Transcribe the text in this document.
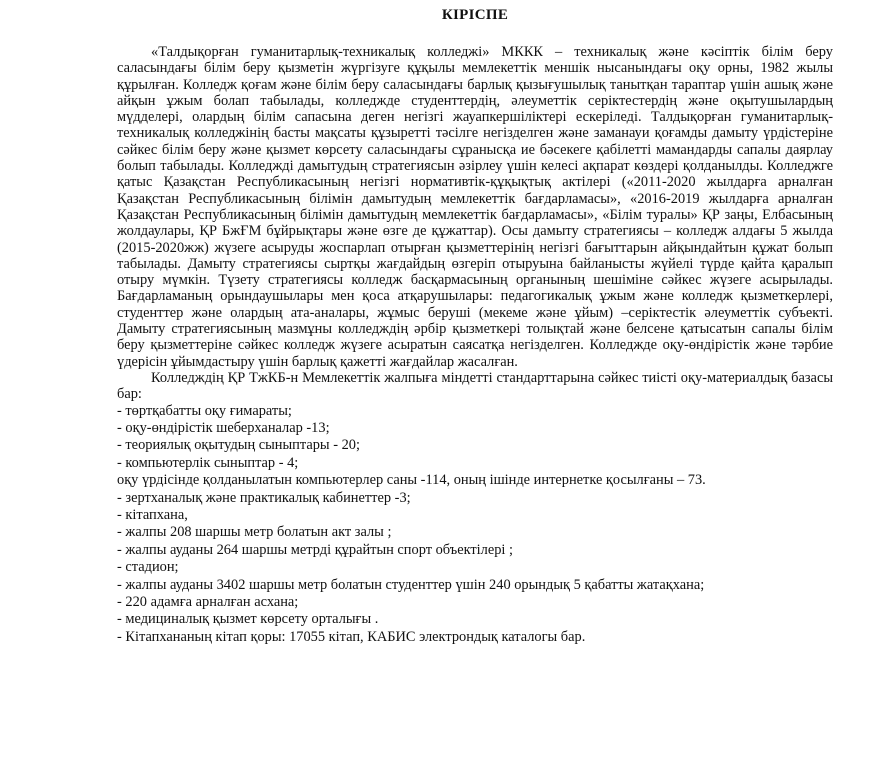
КІРІСПЕ

«Талдықорған гуманитарлық-техникалық колледжі» МККК – техникалық және кәсіптік білім беру саласындағы білім беру қызметін жүргізуге құқылы мемлекеттік меншік нысанындағы оқу орны, 1982 жылы құрылған. Колледж қоғам және білім беру саласындағы барлық қызығушылық танытқан тараптар үшін ашық және айқын ұжым болап табылады, колледжде студенттердің, әлеуметтік серіктестердің және оқытушылардың мүдделері, олардың білім сапасына деген негізгі жауапкершіліктері ескеріледі. Талдықорған гуманитарлық-техникалық колледжінің басты мақсаты құзыретті тәсілге негізделген және заманауи қоғамды дамыту үрдістеріне сәйкес білім беру және қызмет көрсету саласындағы сұранысқа ие бәсекеге қабілетті мамандарды сапалы даярлау болып табылады. Колледжді дамытудың стратегиясын әзірлеу үшін келесі ақпарат көздері қолданылды. Колледжге қатыс Қазақстан Республикасының негізгі нормативтік-құқықтық актілері («2011-2020 жылдарға арналған Қазақстан Республикасының білімін дамытудың мемлекеттік бағдарламасы», «2016-2019 жылдарға арналған Қазақстан Республикасының білімін дамытудың мемлекеттік бағдарламасы», «Білім туралы» ҚР заңы, Елбасының жолдаулары, ҚР БжҒМ бұйрықтары және өзге де құжаттар). Осы дамыту стратегиясы – колледж алдағы 5 жылда (2015-2020жж) жүзеге асыруды жоспарлап отырған қызметтерінің негізгі бағыттарын айқындайтын құжат болып табылады. Дамыту стратегиясы сыртқы жағдайдың өзгеріп отыруына байланысты жүйелі түрде қайта қаралып отыру мүмкін. Түзету стратегиясы колледж басқармасының органының шешіміне сәйкес жүзеге асырылады. Бағдарламаның орындаушылары мен қоса атқарушылары: педагогикалық ұжым және колледж қызметкерлері, студенттер және олардың ата-аналары, жұмыс беруші (мекеме және ұйым) –серіктестік әлеуметтік субъекті. Дамыту стратегиясының мазмұны колледждің әрбір қызметкері толықтай және белсене қатысатын сапалы білім беру қызметтеріне сәйкес колледж жүзеге асыратын саясатқа негізделген. Колледжде оқу-өндірістік және тәрбие үдерісін ұйымдастыру үшін барлық қажетті жағдайлар жасалған.

Колледждің ҚР ТжКБ-н Мемлекеттік жалпыға міндетті стандарттарына сәйкес тиісті оқу-материалдық базасы бар:

- төртқабатты оқу ғимараты;
- оқу-өндірістік шеберханалар -13;
- теориялық оқытудың сыныптары - 20;
- компьютерлік сыныптар - 4;
оқу үрдісінде қолданылатын компьютерлер саны -114, оның ішінде интернетке қосылғаны – 73.
- зертханалық және практикалық кабинеттер -3;
- кітапхана,
- жалпы 208 шаршы метр болатын акт залы ;
- жалпы ауданы 264 шаршы метрді құрайтын спорт объектілері ;
- стадион;
- жалпы ауданы 3402 шаршы метр болатын студенттер үшін 240 орындық 5 қабатты жатақхана;
- 220 адамға арналған асхана;
- медициналық қызмет көрсету орталығы .
- Кітапхананың кітап қоры: 17055 кітап, КАБИС электрондық каталогы бар.
